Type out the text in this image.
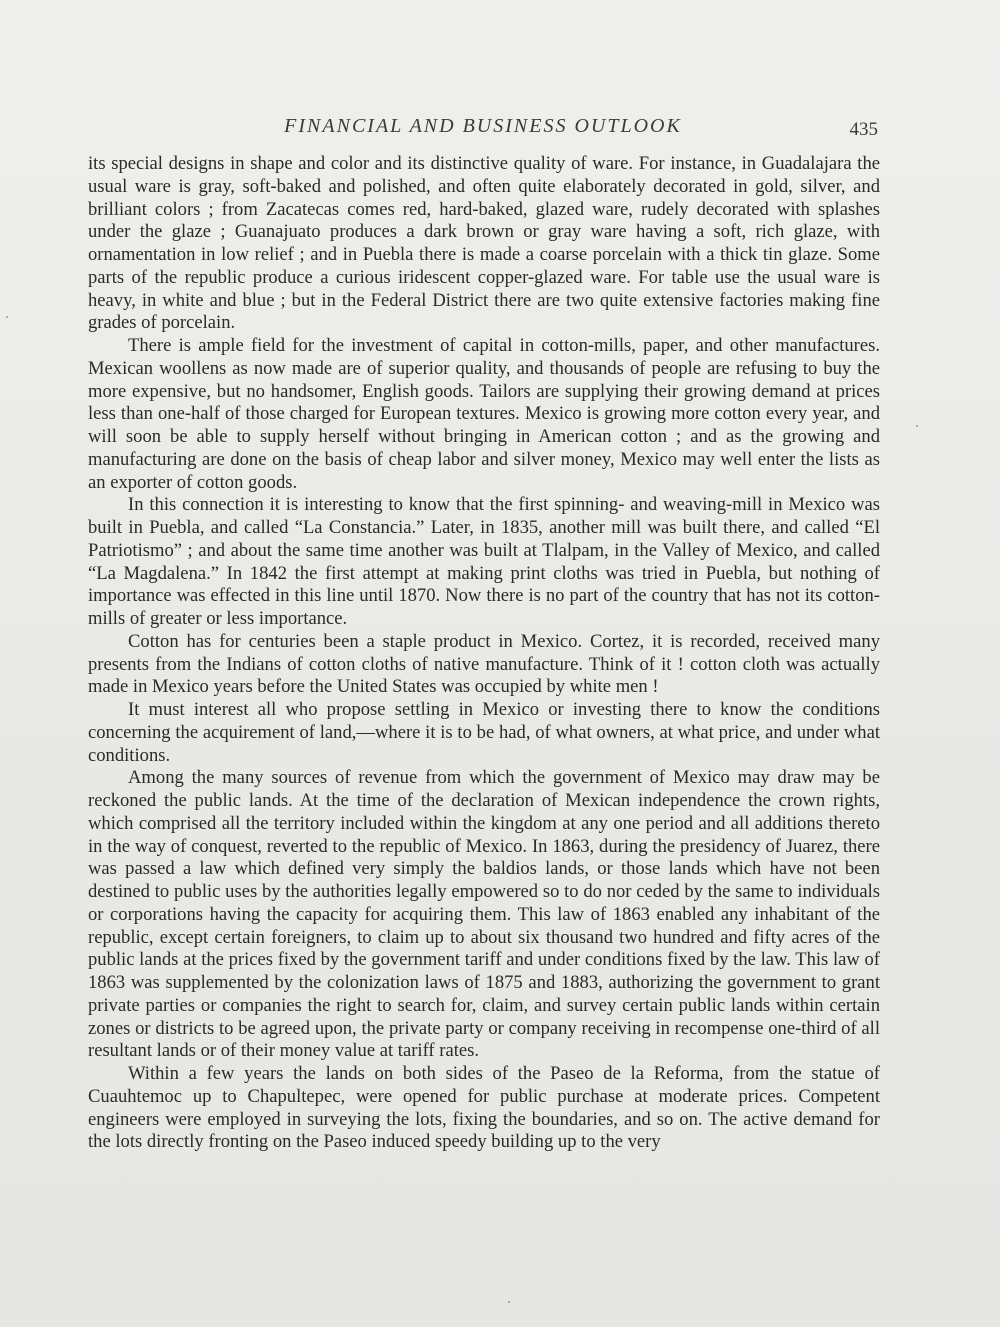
FINANCIAL AND BUSINESS OUTLOOK	435

its special designs in shape and color and its distinctive quality of ware. For instance, in Guadalajara the usual ware is gray, soft-baked and polished, and often quite elaborately decorated in gold, silver, and brilliant colors ; from Zacatecas comes red, hard-baked, glazed ware, rudely decorated with splashes under the glaze ; Guanajuato produces a dark brown or gray ware having a soft, rich glaze, with ornamentation in low relief ; and in Puebla there is made a coarse porcelain with a thick tin glaze. Some parts of the republic produce a curious iridescent copper-glazed ware. For table use the usual ware is heavy, in white and blue ; but in the Federal District there are two quite extensive factories making fine grades of porcelain.

There is ample field for the investment of capital in cotton-mills, paper, and other manufactures. Mexican woollens as now made are of superior quality, and thousands of people are refusing to buy the more expensive, but no handsomer, English goods. Tailors are supplying their growing demand at prices less than one-half of those charged for European textures. Mexico is growing more cotton every year, and will soon be able to supply herself without bringing in American cotton ; and as the growing and manufacturing are done on the basis of cheap labor and silver money, Mexico may well enter the lists as an exporter of cotton goods.

In this connection it is interesting to know that the first spinning- and weaving-mill in Mexico was built in Puebla, and called “La Constancia.” Later, in 1835, another mill was built there, and called “El Patriotismo” ; and about the same time another was built at Tlalpam, in the Valley of Mexico, and called “La Magdalena.” In 1842 the first attempt at making print cloths was tried in Puebla, but nothing of importance was effected in this line until 1870. Now there is no part of the country that has not its cotton-mills of greater or less importance.

Cotton has for centuries been a staple product in Mexico. Cortez, it is recorded, received many presents from the Indians of cotton cloths of native manufacture. Think of it ! cotton cloth was actually made in Mexico years before the United States was occupied by white men !

It must interest all who propose settling in Mexico or investing there to know the conditions concerning the acquirement of land,—where it is to be had, of what owners, at what price, and under what conditions.

Among the many sources of revenue from which the government of Mexico may draw may be reckoned the public lands. At the time of the declaration of Mexican independence the crown rights, which comprised all the territory included within the kingdom at any one period and all additions thereto in the way of conquest, reverted to the republic of Mexico. In 1863, during the presidency of Juarez, there was passed a law which defined very simply the baldios lands, or those lands which have not been destined to public uses by the authorities legally empowered so to do nor ceded by the same to individuals or corporations having the capacity for acquiring them. This law of 1863 enabled any inhabitant of the republic, except certain foreigners, to claim up to about six thousand two hundred and fifty acres of the public lands at the prices fixed by the government tariff and under conditions fixed by the law. This law of 1863 was supplemented by the colonization laws of 1875 and 1883, authorizing the government to grant private parties or companies the right to search for, claim, and survey certain public lands within certain zones or districts to be agreed upon, the private party or company receiving in recompense one-third of all resultant lands or of their money value at tariff rates.

Within a few years the lands on both sides of the Paseo de la Reforma, from the statue of Cuauhtemoc up to Chapultepec, were opened for public purchase at moderate prices. Competent engineers were employed in surveying the lots, fixing the boundaries, and so on. The active demand for the lots directly fronting on the Paseo induced speedy building up to the very
